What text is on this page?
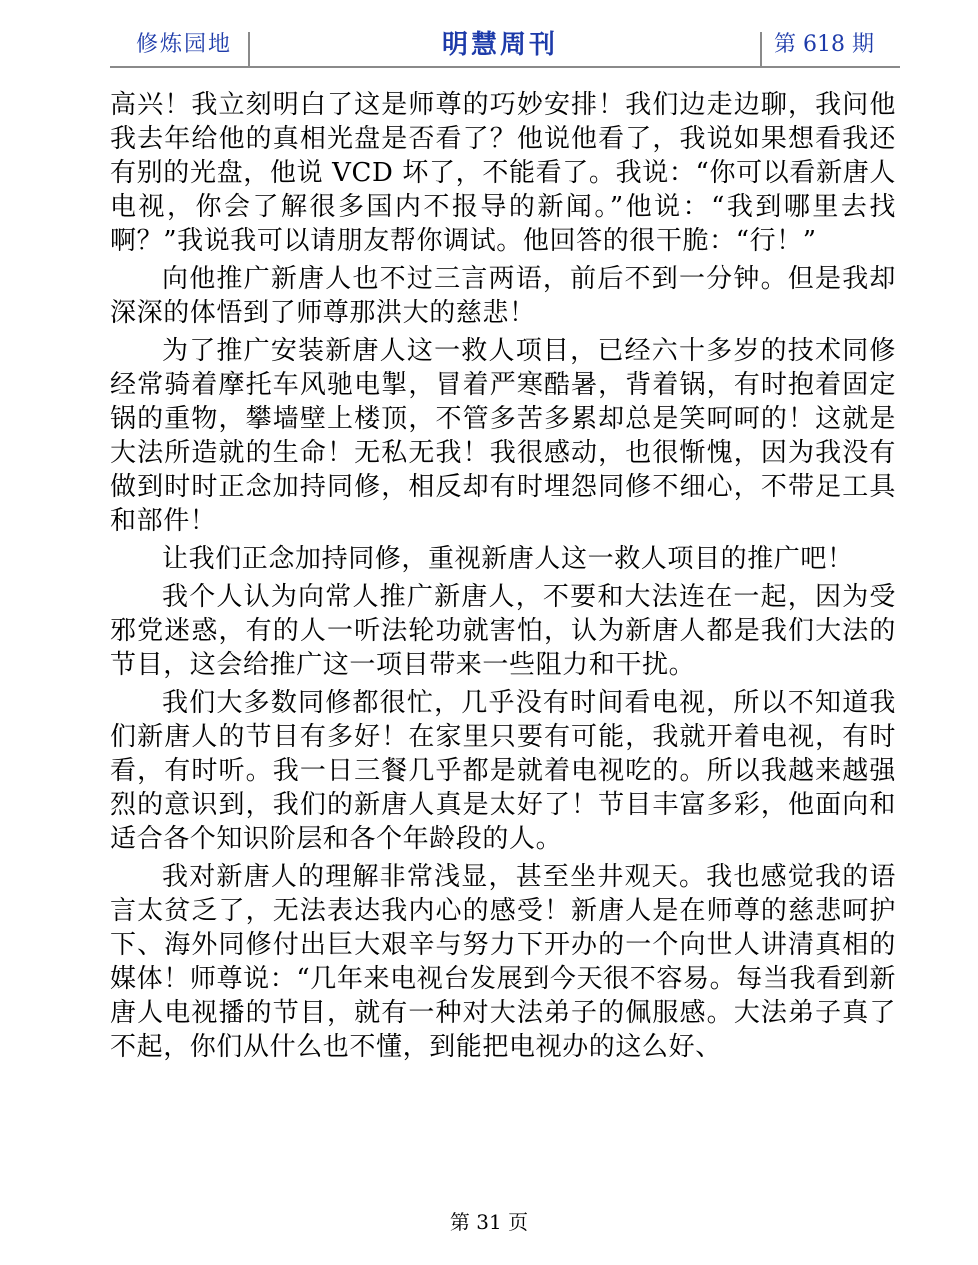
修炼园地	明慧周刊	第 618 期

高兴！我立刻明白了这是师尊的巧妙安排！我们边走边聊，我问他我去年给他的真相光盘是否看了？他说他看了，我说如果想看我还有别的光盘，他说 VCD 坏了，不能看了。我说：“你可以看新唐人电视，你会了解很多国内不报导的新闻。”他说：“我到哪里去找啊？”我说我可以请朋友帮你调试。他回答的很干脆：“行！”

向他推广新唐人也不过三言两语，前后不到一分钟。但是我却深深的体悟到了师尊那洪大的慈悲！

为了推广安装新唐人这一救人项目，已经六十多岁的技术同修经常骑着摩托车风驰电掣，冒着严寒酷暑，背着锅，有时抱着固定锅的重物，攀墙壁上楼顶，不管多苦多累却总是笑呵呵的！这就是大法所造就的生命！无私无我！我很感动，也很惭愧，因为我没有做到时时正念加持同修，相反却有时埋怨同修不细心，不带足工具和部件！

让我们正念加持同修，重视新唐人这一救人项目的推广吧！

我个人认为向常人推广新唐人，不要和大法连在一起，因为受邪党迷惑，有的人一听法轮功就害怕，认为新唐人都是我们大法的节目，这会给推广这一项目带来一些阻力和干扰。

我们大多数同修都很忙，几乎没有时间看电视，所以不知道我们新唐人的节目有多好！在家里只要有可能，我就开着电视，有时看，有时听。我一日三餐几乎都是就着电视吃的。所以我越来越强烈的意识到，我们的新唐人真是太好了！节目丰富多彩，他面向和适合各个知识阶层和各个年龄段的人。

我对新唐人的理解非常浅显，甚至坐井观天。我也感觉我的语言太贫乏了，无法表达我内心的感受！新唐人是在师尊的慈悲呵护下、海外同修付出巨大艰辛与努力下开办的一个向世人讲清真相的媒体！师尊说：“几年来电视台发展到今天很不容易。每当我看到新唐人电视播的节目，就有一种对大法弟子的佩服感。大法弟子真了不起，你们从什么也不懂，到能把电视办的这么好、

第 31 页
